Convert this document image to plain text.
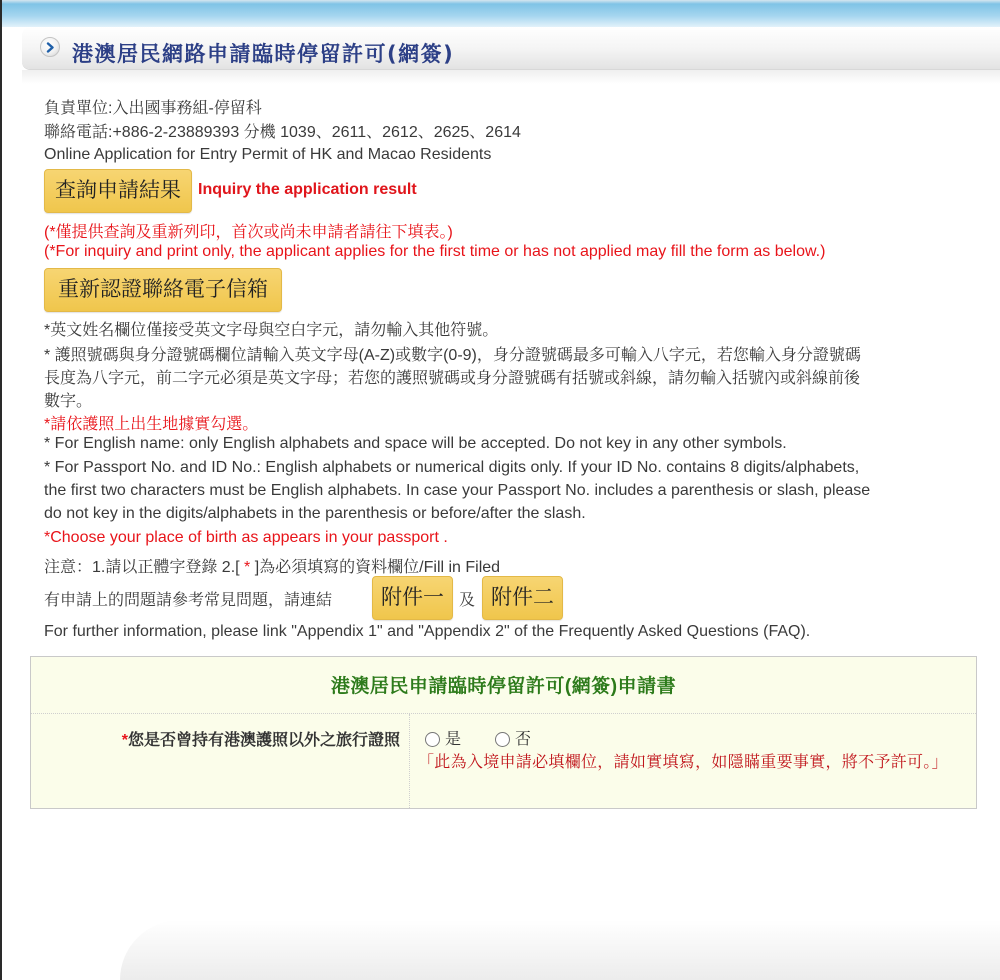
港澳居民網路申請臨時停留許可(網簽)
負責單位:入出國事務組-停留科
聯絡電話:+886-2-23889393 分機 1039、2611、2612、2625、2614
Online Application for Entry Permit of HK and Macao Residents
查詢申請結果	Inquiry the application result
(*僅提供查詢及重新列印，首次或尚未申請者請往下填表。)
(*For inquiry and print only, the applicant applies for the first time or has not applied may fill the form as below.)
重新認證聯絡電子信箱
*英文姓名欄位僅接受英文字母與空白字元，請勿輸入其他符號。
* 護照號碼與身分證號碼欄位請輸入英文字母(A-Z)或數字(0-9)，身分證號碼最多可輸入八字元，若您輸入身分證號碼
長度為八字元，前二字元必須是英文字母；若您的護照號碼或身分證號碼有括號或斜線，請勿輸入括號內或斜線前後
數字。
*請依護照上出生地據實勾選。
* For English name: only English alphabets and space will be accepted. Do not key in any other symbols.
* For Passport No. and ID No.: English alphabets or numerical digits only. If your ID No. contains 8 digits/alphabets,
the first two characters must be English alphabets. In case your Passport No. includes a parenthesis or slash, please
do not key in the digits/alphabets in the parenthesis or before/after the slash.
*Choose your place of birth as appears in your passport .
注意：1.請以正體字登錄 2.[ * ]為必須填寫的資料欄位/Fill in Filed
有申請上的問題請參考常見問題，請連結	附件一 及 附件二
For further information, please link "Appendix 1" and "Appendix 2" of the Frequently Asked Questions (FAQ).
港澳居民申請臨時停留許可(網簽)申請書
*您是否曾持有港澳護照以外之旅行證照	是	否
「此為入境申請必填欄位，請如實填寫，如隱瞞重要事實，將不予許可。」
